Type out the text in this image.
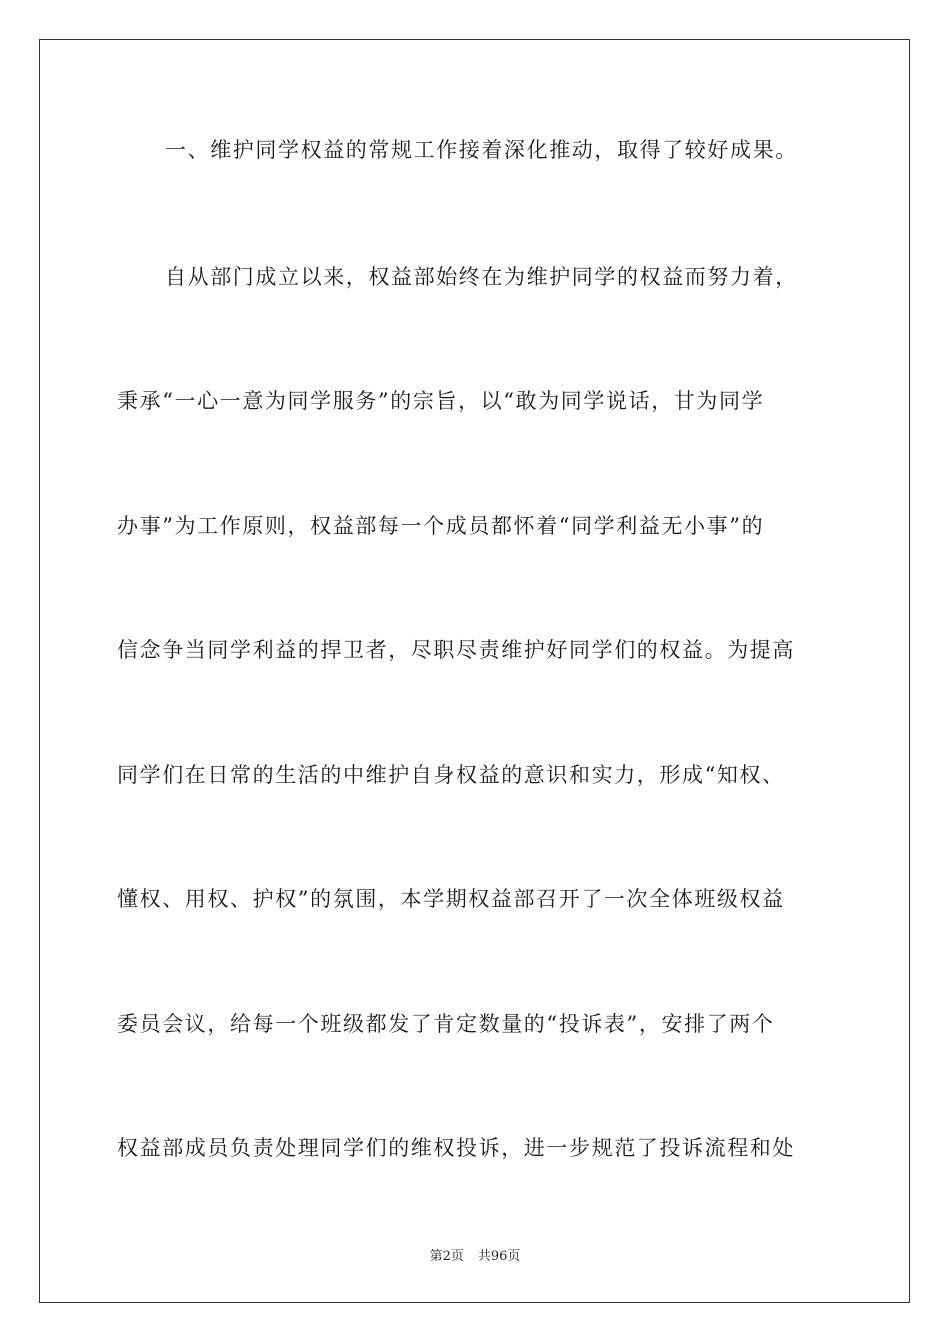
一、维护同学权益的常规工作接着深化推动，取得了较好成果。
自从部门成立以来，权益部始终在为维护同学的权益而努力着，
秉承“一心一意为同学服务”的宗旨，以“敢为同学说话，甘为同学
办事”为工作原则，权益部每一个成员都怀着“同学利益无小事”的
信念争当同学利益的捍卫者，尽职尽责维护好同学们的权益。为提高
同学们在日常的生活的中维护自身权益的意识和实力，形成“知权、
懂权、用权、护权”的氛围，本学期权益部召开了一次全体班级权益
委员会议，给每一个班级都发了肯定数量的“投诉表”，安排了两个
权益部成员负责处理同学们的维权投诉，进一步规范了投诉流程和处
第2页 共96页
